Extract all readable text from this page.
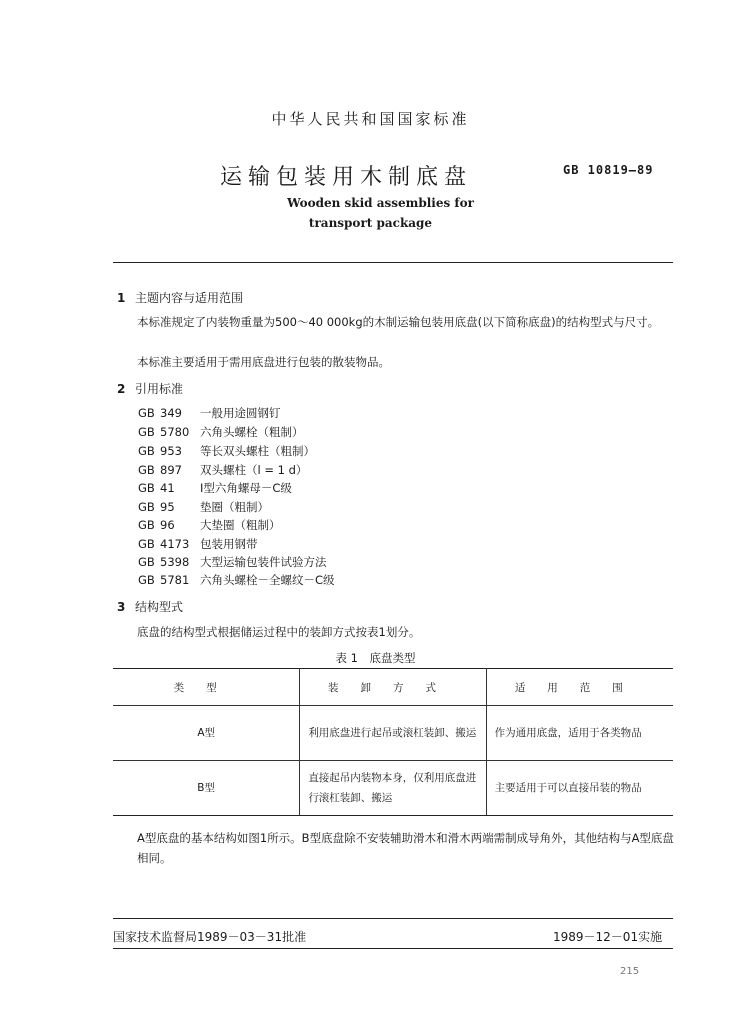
中华人民共和国国家标准
运输包装用木制底盘	GB 10819—89
Wooden skid assemblies for
transport package
1 主题内容与适用范围
本标准规定了内装物重量为500～40 000kg的木制运输包装用底盘(以下简称底盘)的结构型式与尺寸。
本标准主要适用于需用底盘进行包装的散装物品。
2 引用标准
GB 349 一般用途圆钢钉
GB 5780 六角头螺栓（粗制）
GB 953 等长双头螺柱（粗制）
GB 897 双头螺柱（l = 1 d）
GB 41 I型六角螺母－C级
GB 95 垫圈（粗制）
GB 96 大垫圈（粗制）
GB 4173 包装用钢带
GB 5398 大型运输包装件试验方法
GB 5781 六角头螺栓－全螺纹－C级
3 结构型式
底盘的结构型式根据储运过程中的装卸方式按表1划分。
表 1　底盘类型
类型	装卸方式	适用范围
A型	利用底盘进行起吊或滚杠装卸、搬运	作为通用底盘，适用于各类物品

B型	直接起吊内装物本身，仅利用底盘进行滚杠装卸、搬运	主要适用于可以直接吊装的物品
A型底盘的基本结构如图1所示。B型底盘除不安装辅助滑木和滑木两端需制成导角外，其他结构与A型底盘相同。
国家技术监督局1989－03－31批准	1989－12－01实施
215
